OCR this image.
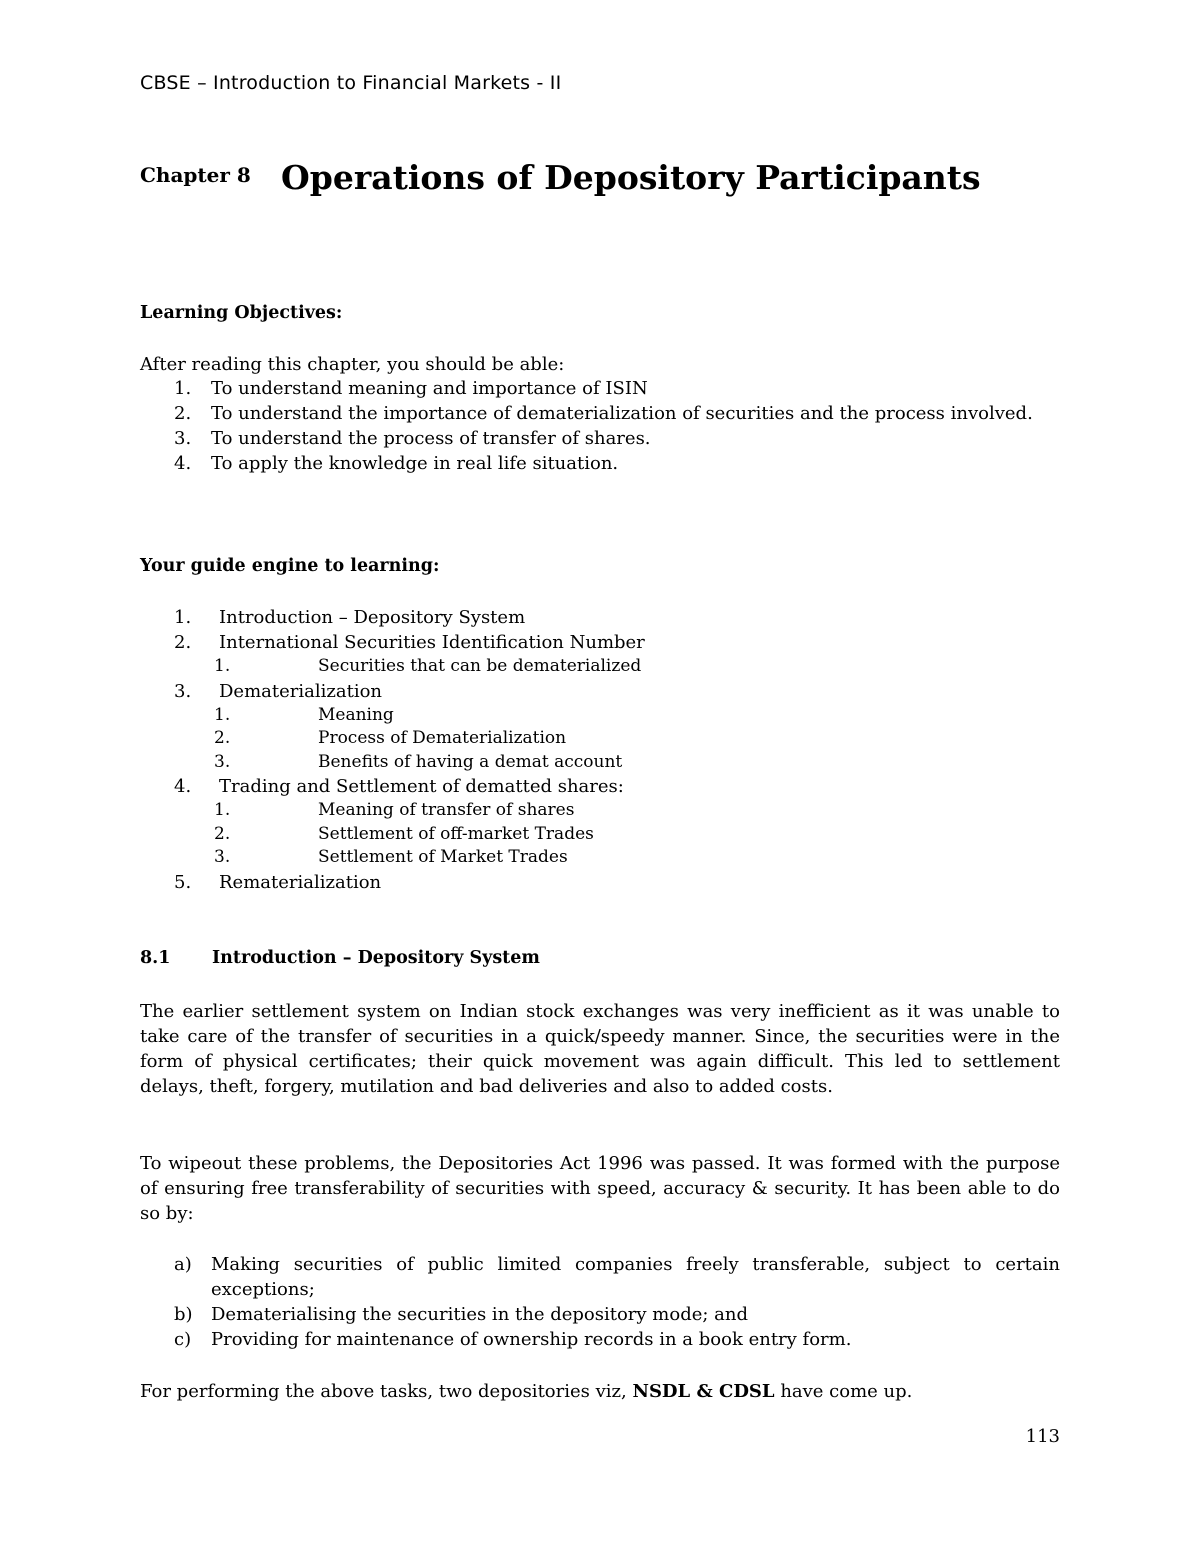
CBSE – Introduction to Financial Markets - II
Chapter 8 Operations of Depository Participants
Learning Objectives:
After reading this chapter, you should be able:
1. To understand meaning and importance of ISIN
2. To understand the importance of dematerialization of securities and the process involved.
3. To understand the process of transfer of shares.
4. To apply the knowledge in real life situation.
Your guide engine to learning:
1. Introduction – Depository System
2. International Securities Identification Number
1.	Securities that can be dematerialized
3. Dematerialization
1.	Meaning
2.	Process of Dematerialization
3.	Benefits of having a demat account
4. Trading and Settlement of dematted shares:
1.	Meaning of transfer of shares
2.	Settlement of off-market Trades
3.	Settlement of Market Trades
5. Rematerialization
8.1 Introduction – Depository System
The earlier settlement system on Indian stock exchanges was very inefficient as it was unable to take care of the transfer of securities in a quick/speedy manner. Since, the securities were in the form of physical certificates; their quick movement was again difficult. This led to settlement delays, theft, forgery, mutilation and bad deliveries and also to added costs.
To wipeout these problems, the Depositories Act 1996 was passed. It was formed with the purpose of ensuring free transferability of securities with speed, accuracy & security. It has been able to do so by:
a) Making securities of public limited companies freely transferable, subject to certain exceptions;
b) Dematerialising the securities in the depository mode; and
c) Providing for maintenance of ownership records in a book entry form.
For performing the above tasks, two depositories viz, NSDL & CDSL have come up.
113
